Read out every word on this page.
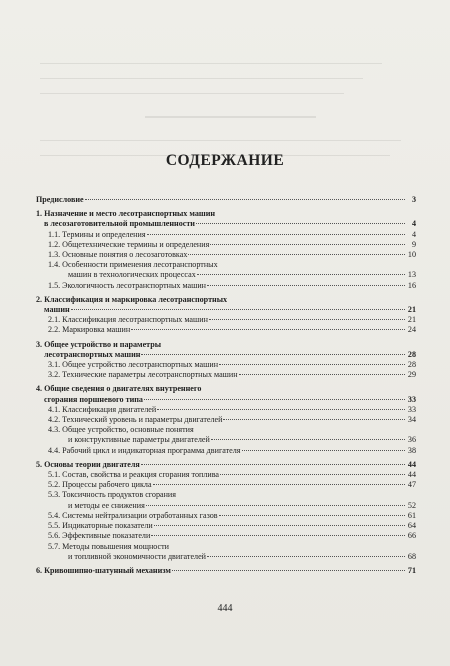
СОДЕРЖАНИЕ
Предисловие	3
1. Назначение и место лесотранспортных машин
в лесозаготовительной промышленности	4
1.1. Термины и определения	4
1.2. Общетехнические термины и определения	9
1.3. Основные понятия о лесозаготовках	10
1.4. Особенности применения лесотранспортных
машин в технологических процессах	13
1.5. Экологичность лесотранспортных машин	16
2. Классификация и маркировка лесотранспортных
машин	21
2.1. Классификация лесотранспортных машин	21
2.2. Маркировка машин	24
3. Общее устройство и параметры
лесотранспортных машин	28
3.1. Общее устройство лесотранспортных машин	28
3.2. Технические параметры лесотранспортных машин	29
4. Общие сведения о двигателях внутреннего
сгорания поршневого типа	33
4.1. Классификация двигателей	33
4.2. Технический уровень и параметры двигателей	34
4.3. Общее устройство, основные понятия
и конструктивные параметры двигателей	36
4.4. Рабочий цикл и индикаторная программа двигателя	38
5. Основы теории двигателя	44
5.1. Состав, свойства и реакция сгорания топлива	44
5.2. Процессы рабочего цикла	47
5.3. Токсичность продуктов сгорания
и методы ее снижения	52
5.4. Системы нейтрализации отработанных газов	61
5.5. Индикаторные показатели	64
5.6. Эффективные показатели	66
5.7. Методы повышения мощности
и топливной экономичности двигателей	68
6. Кривошипно-шатунный механизм	71
444
